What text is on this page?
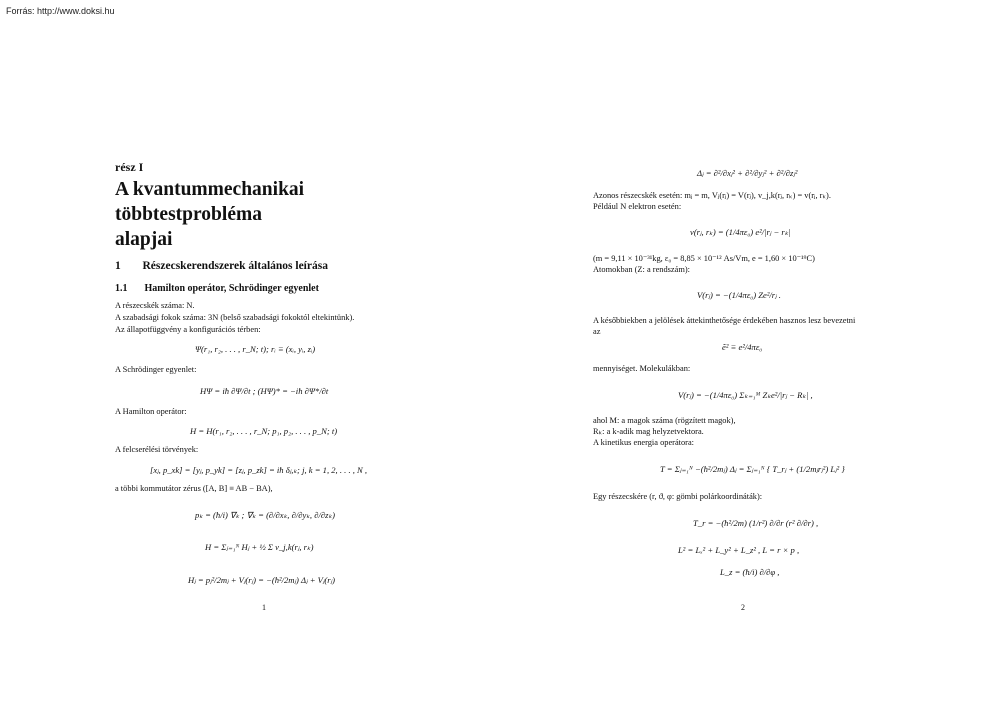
Forrás: http://www.doksi.hu
rész I
A kvantummechanikai
többtestprobléma
alapjai
1 Részecskerendszerek általános leírása
1.1 Hamilton operátor, Schrödinger egyenlet
A részecskék száma: N.
A szabadsági fokok száma: 3N (belső szabadsági fokoktól eltekintünk).
Az állapotfüggvény a konfigurációs térben:
Ψ(r₁, r₂, . . . , r_N; t); rᵢ ≡ (xᵢ, yᵢ, zᵢ)
A Schrödinger egyenlet:
HΨ = iħ ∂Ψ/∂t ; (HΨ)* = −iħ ∂Ψ*/∂t
A Hamilton operátor:
H = H(r₁, r₂, . . . , r_N; p₁, p₂, . . . , p_N; t)
A felcserélési törvények:
[xⱼ, p_xk] = [yⱼ, p_yk] = [zⱼ, p_zk] = iħ δⱼ,ₖ; j, k = 1, 2, . . . , N ,
a többi kommutátor zérus ([A, B] ≡ AB − BA),
pₖ = (ħ/i) ∇ₖ ; ∇ₖ = (∂/∂xₖ, ∂/∂yₖ, ∂/∂zₖ)
H = Σⱼ₌₁ᴺ Hⱼ + ½ Σ v_j,k(rⱼ, rₖ)
Hⱼ = pⱼ²/2mⱼ + Vⱼ(rⱼ) = −(ħ²/2mⱼ) Δⱼ + Vⱼ(rⱼ)
1
Δⱼ = ∂²/∂xⱼ² + ∂²/∂yⱼ² + ∂²/∂zⱼ²
Azonos részecskék esetén: mⱼ = m, Vⱼ(rⱼ) = V(rⱼ), v_j,k(rⱼ, rₖ) = v(rⱼ, rₖ).
Például N elektron esetén:
v(rⱼ, rₖ) = (1/4πε₀) e²/|rⱼ − rₖ|
(m = 9,11 × 10⁻³¹kg, ε₀ = 8,85 × 10⁻¹² As/Vm, e = 1,60 × 10⁻¹⁹C)
Atomokban (Z: a rendszám):
V(rⱼ) = −(1/4πε₀) Ze²/rⱼ .
A későbbiekben a jelölések áttekinthetősége érdekében hasznos lesz bevezetni
az
ẽ² ≡ e²/4πε₀
mennyiséget. Molekulákban:
V(rⱼ) = −(1/4πε₀) Σₖ₌₁ᴹ Zₖe²/|rⱼ − Rₖ| ,
ahol M: a magok száma (rögzített magok),
Rₖ: a k-adik mag helyzetvektora.
A kinetikus energia operátora:
T = Σⱼ₌₁ᴺ −(ħ²/2mⱼ) Δⱼ = Σⱼ₌₁ᴺ { T_rⱼ + (1/2mⱼrⱼ²) Lⱼ² }
Egy részecskére (r, ϑ, φ: gömbi polárkoordináták):
T_r = −(ħ²/2m) (1/r²) ∂/∂r (r² ∂/∂r) ,
L² = Lₓ² + L_y² + L_z² , L = r × p ,
L_z = (ħ/i) ∂/∂φ ,
2
